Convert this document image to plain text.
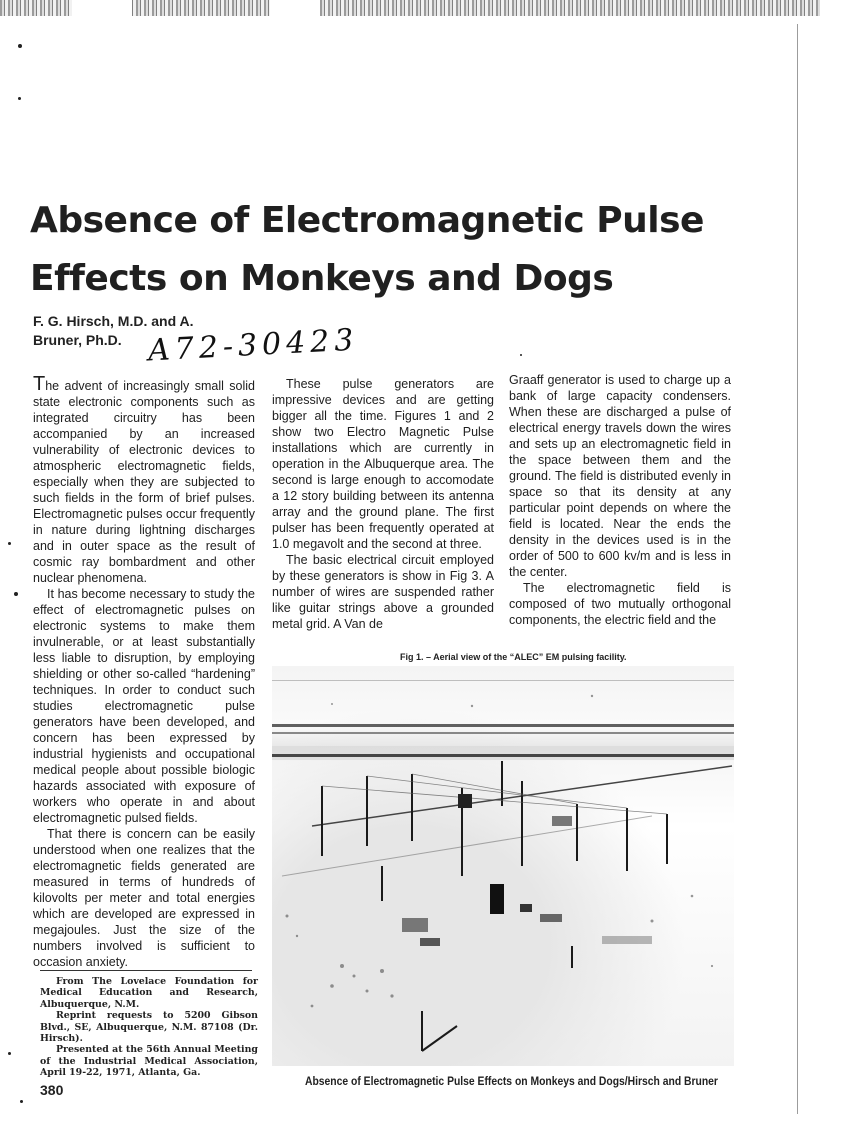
Absence of Electromagnetic Pulse
Effects on Monkeys and Dogs
F. G. Hirsch, M.D. and A.
Bruner, Ph.D. A72-30423

The advent of increasingly small solid state electronic components such as integrated circuitry has been accompanied by an increased vulnerability of electronic devices to atmospheric electromagnetic fields, especially when they are subjected to such fields in the form of brief pulses. Electromagnetic pulses occur frequently in nature during lightning discharges and in outer space as the result of cosmic ray bombardment and other nuclear phenomena.

It has become necessary to study the effect of electromagnetic pulses on electronic systems to make them invulnerable, or at least substantially less liable to disruption, by employing shielding or other so-called “hardening” techniques. In order to conduct such studies electromagnetic pulse generators have been developed, and concern has been expressed by industrial hygienists and occupational medical people about possible biologic hazards associated with exposure of workers who operate in and about electromagnetic pulsed fields.

That there is concern can be easily understood when one realizes that the electromagnetic fields generated are measured in terms of hundreds of kilovolts per meter and total energies which are developed are expressed in megajoules. Just the size of the numbers involved is sufficient to occasion anxiety.

These pulse generators are impressive devices and are getting bigger all the time. Figures 1 and 2 show two Electro Magnetic Pulse installations which are currently in operation in the Albuquerque area. The second is large enough to accomodate a 12 story building between its antenna array and the ground plane. The first pulser has been frequently operated at 1.0 megavolt and the second at three.

The basic electrical circuit employed by these generators is show in Fig 3. A number of wires are suspended rather like guitar strings above a grounded metal grid. A Van de

Graaff generator is used to charge up a bank of large capacity condensers. When these are discharged a pulse of electrical energy travels down the wires and sets up an electromagnetic field in the space between them and the ground. The field is distributed evenly in space so that its density at any particular point depends on where the field is located. Near the ends the density in the devices used is in the order of 500 to 600 kv/m and is less in the center.

The electromagnetic field is composed of two mutually orthogonal components, the electric field and the

Fig 1. – Aerial view of the “ALEC” EM pulsing facility.

From The Lovelace Foundation for Medical Education and Research, Albuquerque, N.M.

Reprint requests to 5200 Gibson Blvd., SE, Albuquerque, N.M. 87108 (Dr. Hirsch).

Presented at the 56th Annual Meeting of the Industrial Medical Association, April 19-22, 1971, Atlanta, Ga.

380	Absence of Electromagnetic Pulse Effects on Monkeys and Dogs/Hirsch and Bruner
